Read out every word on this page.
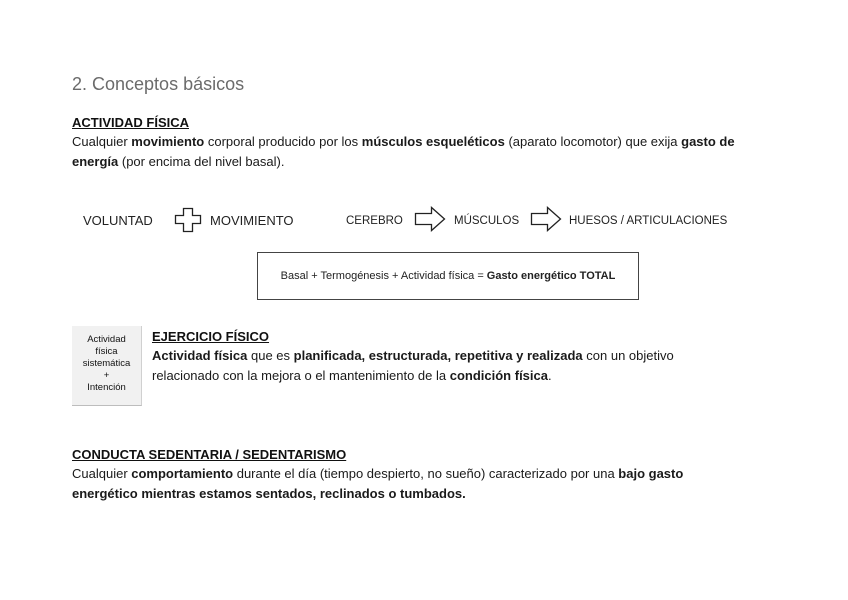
2. Conceptos básicos
ACTIVIDAD FÍSICA
Cualquier movimiento corporal producido por los músculos esqueléticos (aparato locomotor) que exija gasto de
energía (por encima del nivel basal).
VOLUNTAD	MOVIMIENTO	CEREBRO	MÚSCULOS	HUESOS / ARTICULACIONES
Basal + Termogénesis + Actividad física = Gasto energético TOTAL
Actividad
física
sistemática
+
Intención
EJERCICIO FÍSICO
Actividad física que es planificada, estructurada, repetitiva y realizada con un objetivo
relacionado con la mejora o el mantenimiento de la condición física.
CONDUCTA SEDENTARIA / SEDENTARISMO
Cualquier comportamiento durante el día (tiempo despierto, no sueño) caracterizado por una bajo gasto
energético mientras estamos sentados, reclinados o tumbados.
